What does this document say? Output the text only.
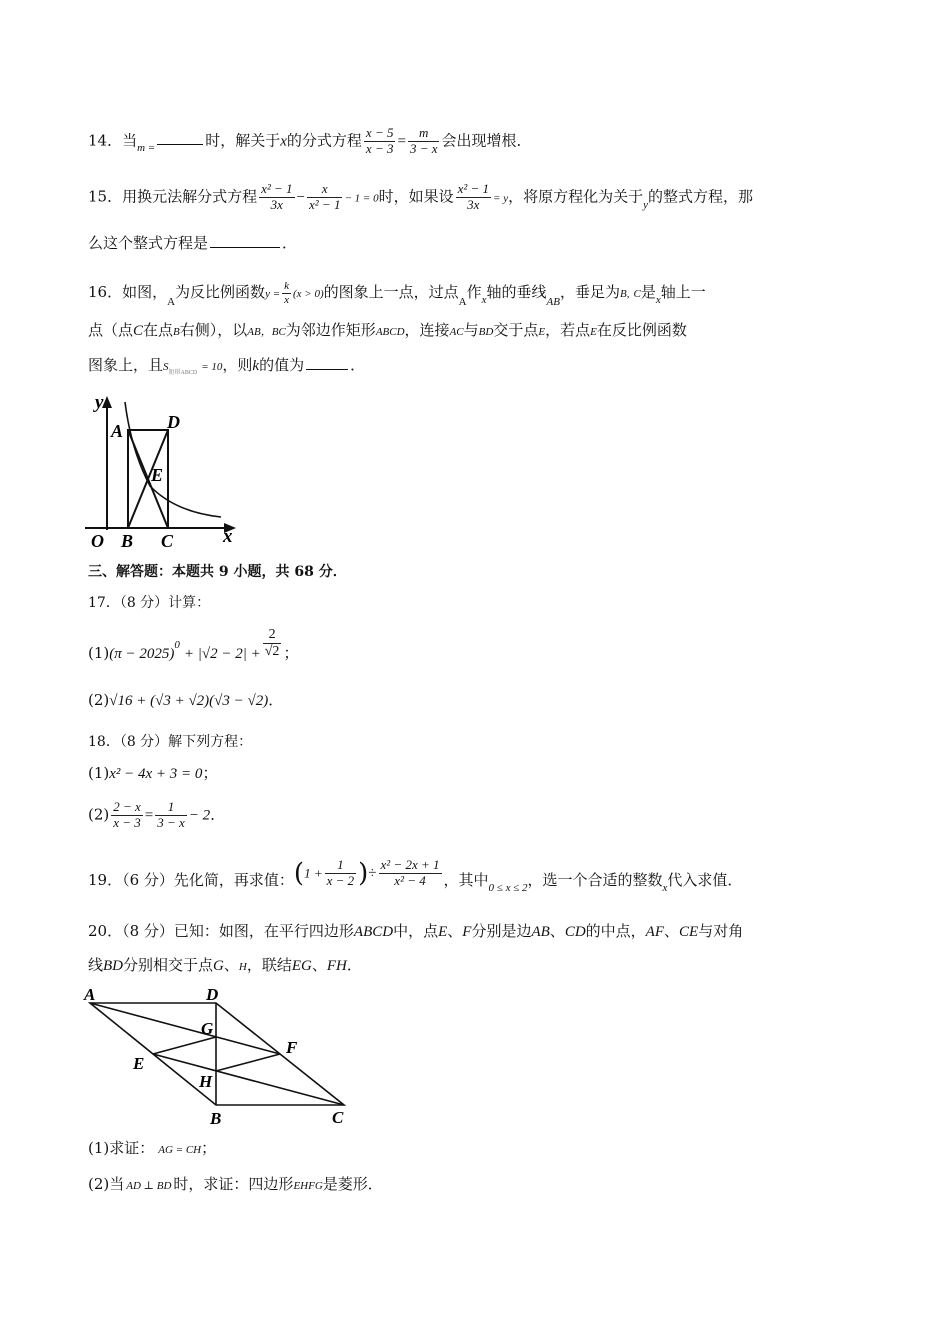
14．当$_{m =}$	时，解关于x的分式方程 $\frac{x - 5}{x - 3} = \frac{m}{3 - x}$ 会出现增根．
15．用换元法解分式方程 $\frac{\text{x² − 1}}{3x} - \frac{x}{\text{x² − 1}} - 1 = 0$时，如果设 $\frac{\text{x² − 1}}{3x} = y$，将原方程化为关于$_y$的整式方程，那
么这个整式方程是	．
16．如图，$_A$为反比例函数$y = \frac{k}{x} (x > 0)$的图象上一点，过点$_A$作$_x$轴的垂线$_{AB}$，垂足为B, C是$_x$轴上一
点（点C在点B右侧），以AB，BC为邻边作矩形ABCD，连接AC与BD交于点E，若点E在反比例函数
图象上，且$S_{矩形ABCD} = 10$，则k的值为	．
y
A D
E
O B C	x
三、解答题：本题共 9 小题，共 68 分．
17．（8 分）计算：
$(1)(\pi - 2025)^0+ |√2 - 2| + \frac{2}{√2}$ ；
(2)√16 + (√3 + √2)(√3 − √2)．
18．（8 分）解下列方程：
(1)x² − 4x + 3 = 0；
$(2) \frac{2 - x}{x - 3} = \frac{1}{3 - x} - 2$．
19．（6 分）先化简，再求值：($1 + \frac{1}{x - 2}$ )÷ $\frac{\text{x² − 2x + 1}}{\text{x² − 4}}$ ，其中$_{0 \le x \le 2}$，选一个合适的整数$_x$代入求值．
20．（8 分）已知：如图，在平行四边形ABCD中，点E、F分别是边AB、CD的中点，AF、CE与对角
线BD分别相交于点G、H，联结EG、FH．
A	D
G
F
E
H
B	C
(1)求证： AG = CH；
(2)当 AD ⊥ BD 时，求证：四边形EHFG是菱形．
